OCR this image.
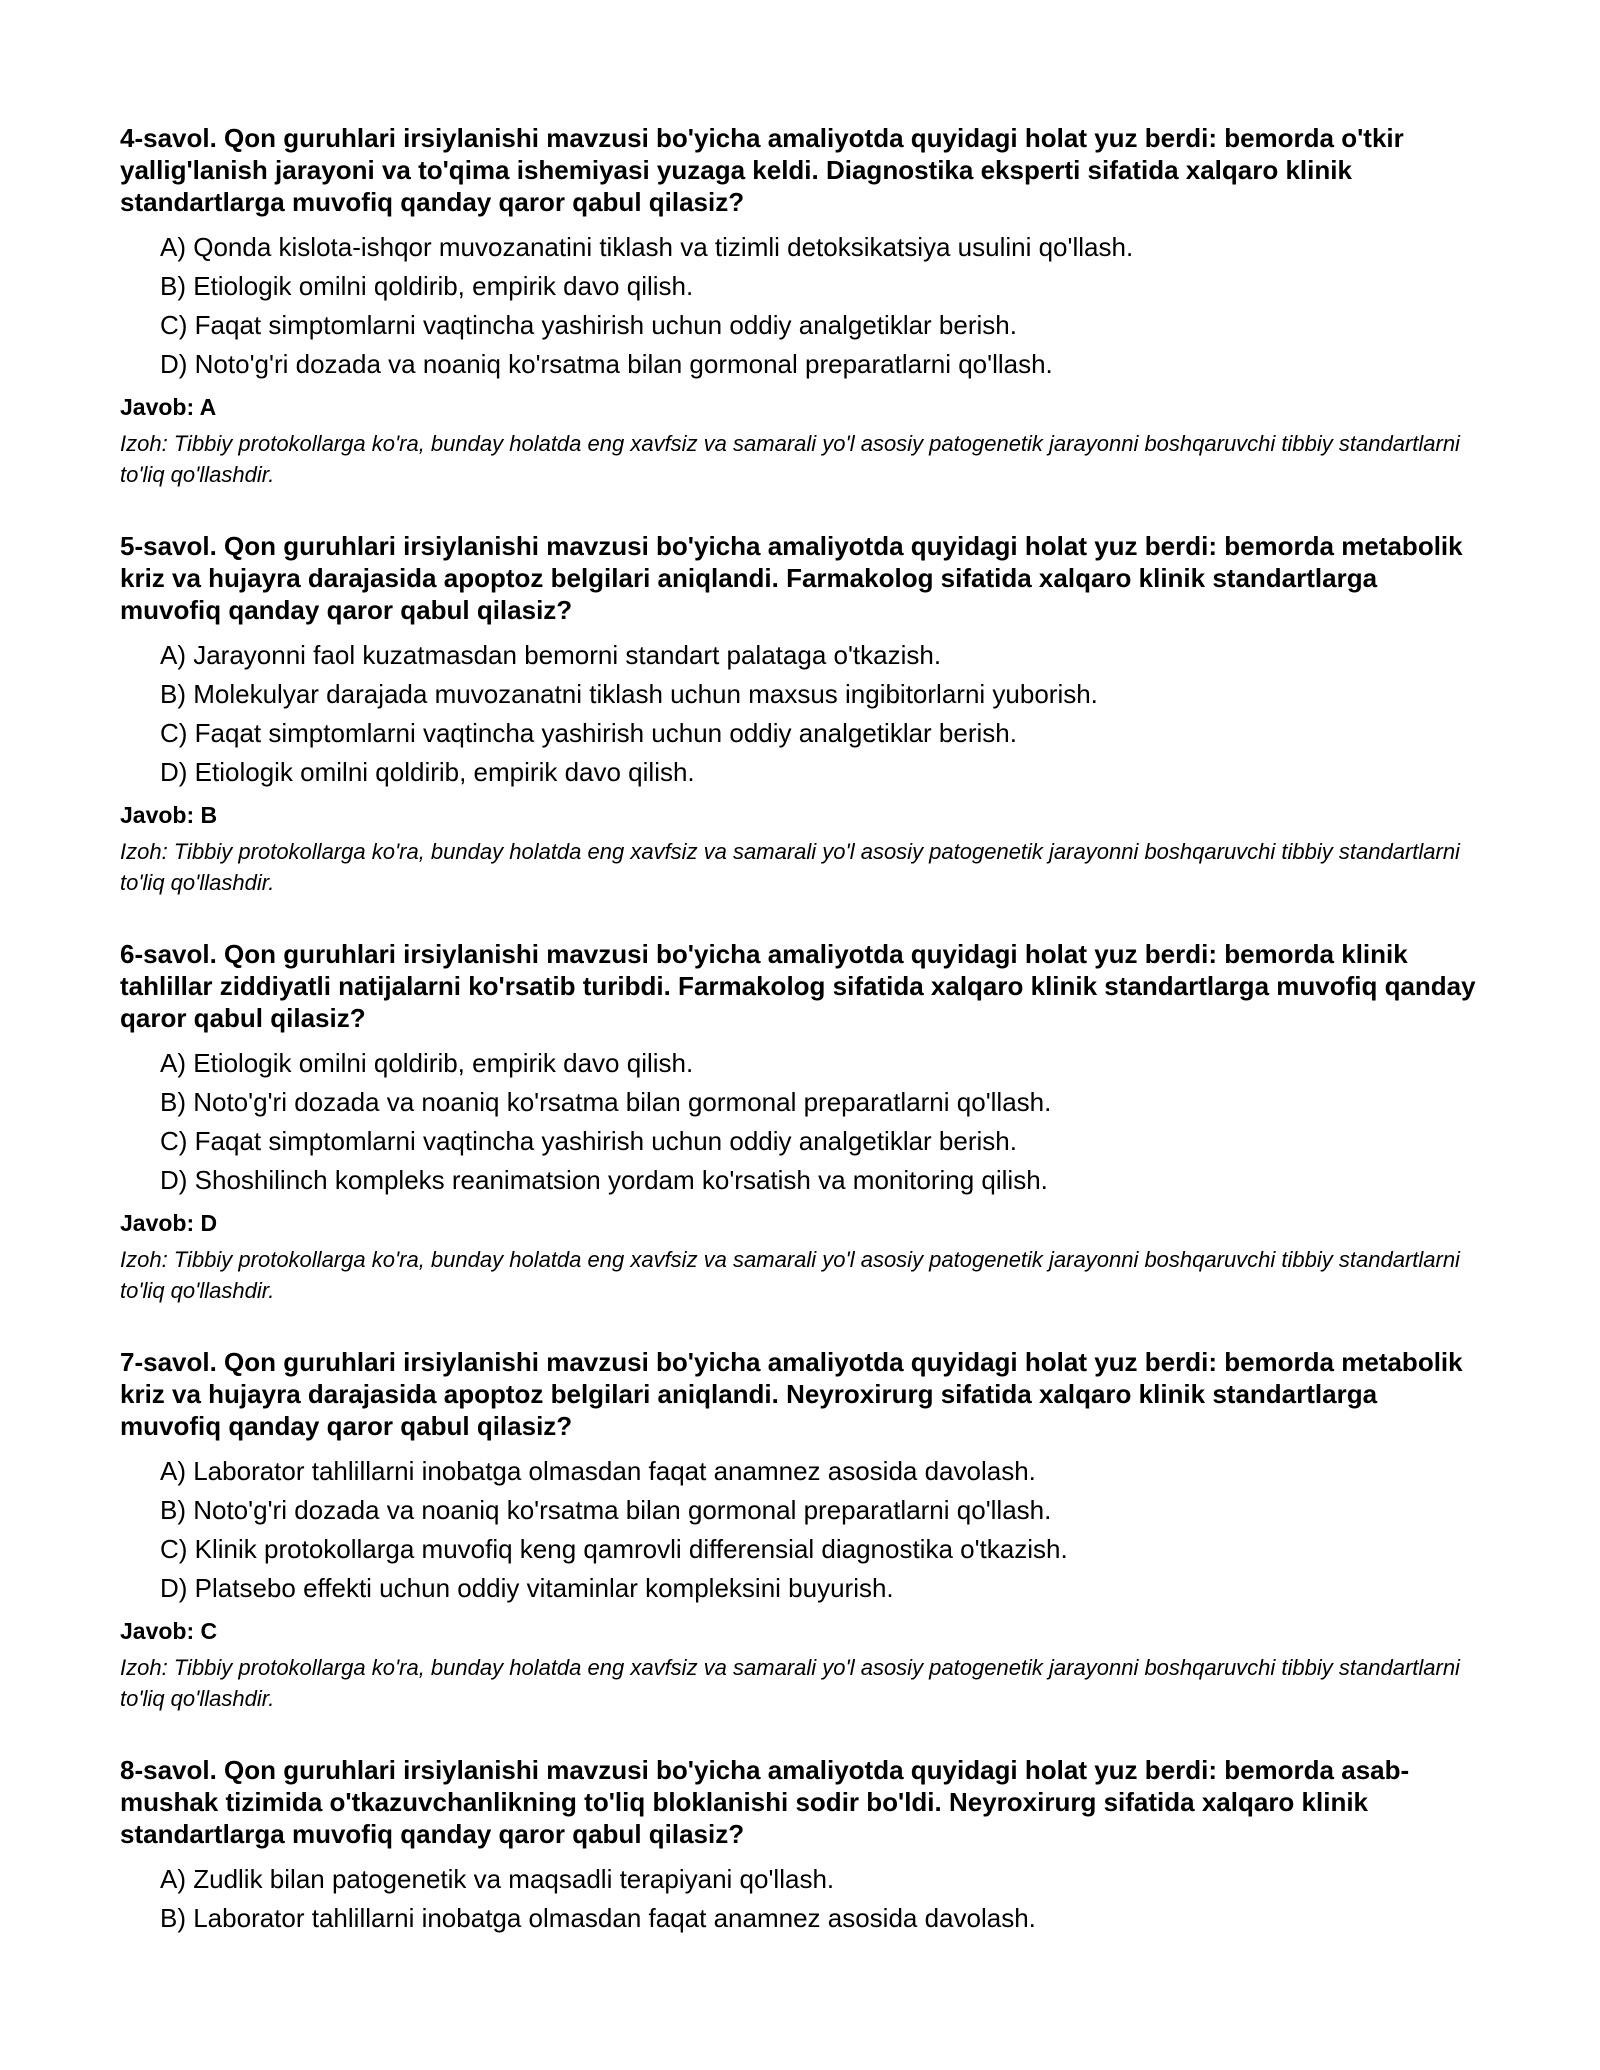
4-savol. Qon guruhlari irsiylanishi mavzusi bo'yicha amaliyotda quyidagi holat yuz berdi: bemorda o'tkir yallig'lanish jarayoni va to'qima ishemiyasi yuzaga keldi. Diagnostika eksperti sifatida xalqaro klinik standartlarga muvofiq qanday qaror qabul qilasiz?

A) Qonda kislota-ishqor muvozanatini tiklash va tizimli detoksikatsiya usulini qo'llash.
B) Etiologik omilni qoldirib, empirik davo qilish.
C) Faqat simptomlarni vaqtincha yashirish uchun oddiy analgetiklar berish.
D) Noto'g'ri dozada va noaniq ko'rsatma bilan gormonal preparatlarni qo'llash.

Javob: A

Izoh: Tibbiy protokollarga ko'ra, bunday holatda eng xavfsiz va samarali yo'l asosiy patogenetik jarayonni boshqaruvchi tibbiy standartlarni to'liq qo'llashdir.

5-savol. Qon guruhlari irsiylanishi mavzusi bo'yicha amaliyotda quyidagi holat yuz berdi: bemorda metabolik kriz va hujayra darajasida apoptoz belgilari aniqlandi. Farmakolog sifatida xalqaro klinik standartlarga muvofiq qanday qaror qabul qilasiz?

A) Jarayonni faol kuzatmasdan bemorni standart palataga o'tkazish.
B) Molekulyar darajada muvozanatni tiklash uchun maxsus ingibitorlarni yuborish.
C) Faqat simptomlarni vaqtincha yashirish uchun oddiy analgetiklar berish.
D) Etiologik omilni qoldirib, empirik davo qilish.

Javob: B

Izoh: Tibbiy protokollarga ko'ra, bunday holatda eng xavfsiz va samarali yo'l asosiy patogenetik jarayonni boshqaruvchi tibbiy standartlarni to'liq qo'llashdir.

6-savol. Qon guruhlari irsiylanishi mavzusi bo'yicha amaliyotda quyidagi holat yuz berdi: bemorda klinik tahlillar ziddiyatli natijalarni ko'rsatib turibdi. Farmakolog sifatida xalqaro klinik standartlarga muvofiq qanday qaror qabul qilasiz?

A) Etiologik omilni qoldirib, empirik davo qilish.
B) Noto'g'ri dozada va noaniq ko'rsatma bilan gormonal preparatlarni qo'llash.
C) Faqat simptomlarni vaqtincha yashirish uchun oddiy analgetiklar berish.
D) Shoshilinch kompleks reanimatsion yordam ko'rsatish va monitoring qilish.

Javob: D

Izoh: Tibbiy protokollarga ko'ra, bunday holatda eng xavfsiz va samarali yo'l asosiy patogenetik jarayonni boshqaruvchi tibbiy standartlarni to'liq qo'llashdir.

7-savol. Qon guruhlari irsiylanishi mavzusi bo'yicha amaliyotda quyidagi holat yuz berdi: bemorda metabolik kriz va hujayra darajasida apoptoz belgilari aniqlandi. Neyroxirurg sifatida xalqaro klinik standartlarga muvofiq qanday qaror qabul qilasiz?

A) Laborator tahlillarni inobatga olmasdan faqat anamnez asosida davolash.
B) Noto'g'ri dozada va noaniq ko'rsatma bilan gormonal preparatlarni qo'llash.
C) Klinik protokollarga muvofiq keng qamrovli differensial diagnostika o'tkazish.
D) Platsebo effekti uchun oddiy vitaminlar kompleksini buyurish.

Javob: C

Izoh: Tibbiy protokollarga ko'ra, bunday holatda eng xavfsiz va samarali yo'l asosiy patogenetik jarayonni boshqaruvchi tibbiy standartlarni to'liq qo'llashdir.

8-savol. Qon guruhlari irsiylanishi mavzusi bo'yicha amaliyotda quyidagi holat yuz berdi: bemorda asab-mushak tizimida o'tkazuvchanlikning to'liq bloklanishi sodir bo'ldi. Neyroxirurg sifatida xalqaro klinik standartlarga muvofiq qanday qaror qabul qilasiz?

A) Zudlik bilan patogenetik va maqsadli terapiyani qo'llash.
B) Laborator tahlillarni inobatga olmasdan faqat anamnez asosida davolash.
